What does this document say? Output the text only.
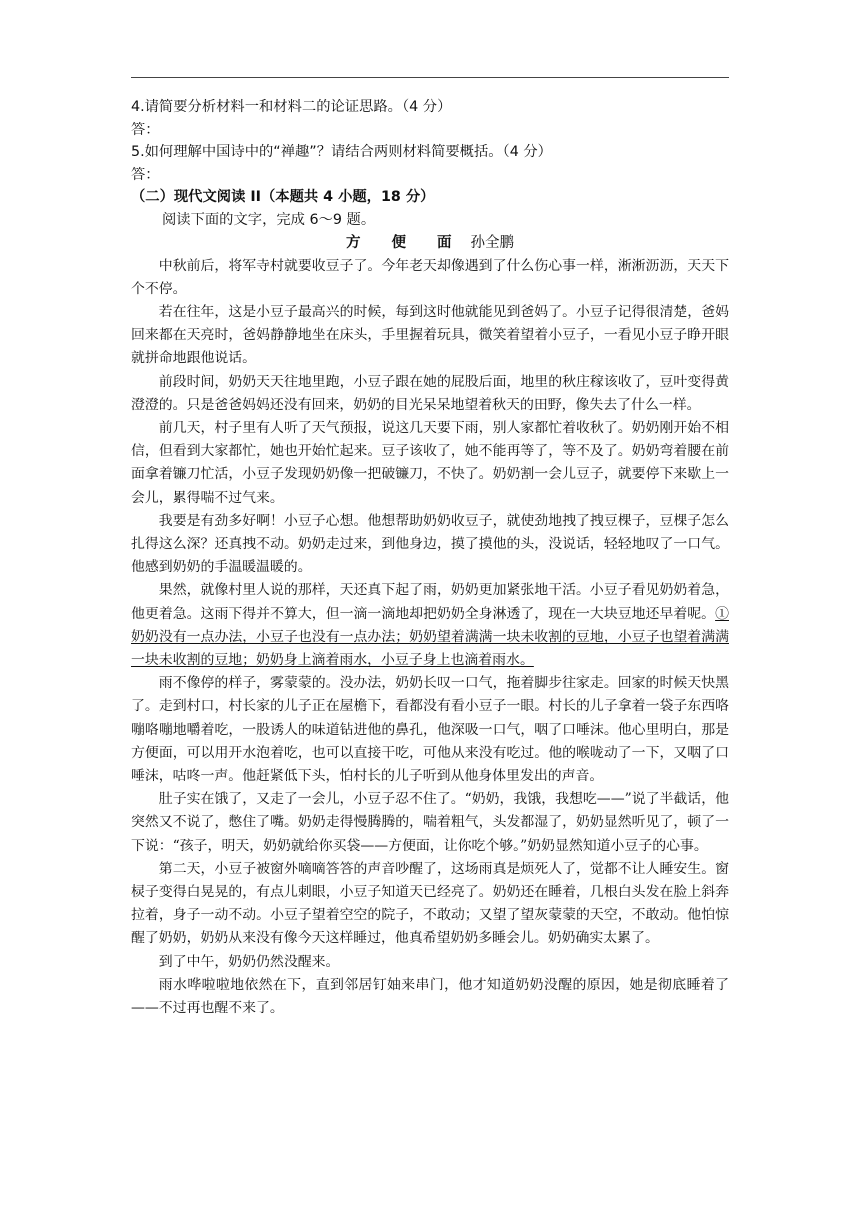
4.请简要分析材料一和材料二的论证思路。（4 分）
答：
5.如何理解中国诗中的“禅趣”？请结合两则材料简要概括。（4 分）
答：
（二）现代文阅读 II（本题共 4 小题，18 分）
阅读下面的文字，完成 6～9 题。
方 便 面 孙全鹏

中秋前后，将军寺村就要收豆子了。今年老天却像遇到了什么伤心事一样，淅淅沥沥，天天下个不停。

若在往年，这是小豆子最高兴的时候，每到这时他就能见到爸妈了。小豆子记得很清楚，爸妈回来都在天亮时，爸妈静静地坐在床头，手里握着玩具，微笑着望着小豆子，一看见小豆子睁开眼就拼命地跟他说话。

前段时间，奶奶天天往地里跑，小豆子跟在她的屁股后面，地里的秋庄稼该收了，豆叶变得黄澄澄的。只是爸爸妈妈还没有回来，奶奶的目光呆呆地望着秋天的田野，像失去了什么一样。

前几天，村子里有人听了天气预报，说这几天要下雨，别人家都忙着收秋了。奶奶刚开始不相信，但看到大家都忙，她也开始忙起来。豆子该收了，她不能再等了，等不及了。奶奶弯着腰在前面拿着镰刀忙活，小豆子发现奶奶像一把破镰刀，不快了。奶奶割一会儿豆子，就要停下来歇上一会儿，累得喘不过气来。

我要是有劲多好啊！小豆子心想。他想帮助奶奶收豆子，就使劲地拽了拽豆棵子，豆棵子怎么扎得这么深？还真拽不动。奶奶走过来，到他身边，摸了摸他的头，没说话，轻轻地叹了一口气。他感到奶奶的手温暖温暖的。

果然，就像村里人说的那样，天还真下起了雨，奶奶更加紧张地干活。小豆子看见奶奶着急，他更着急。这雨下得并不算大，但一滴一滴地却把奶奶全身淋透了，现在一大块豆地还早着呢。①奶奶没有一点办法，小豆子也没有一点办法；奶奶望着满满一块未收割的豆地，小豆子也望着满满一块未收割的豆地；奶奶身上滴着雨水，小豆子身上也滴着雨水。

雨不像停的样子，雾蒙蒙的。没办法，奶奶长叹一口气，拖着脚步往家走。回家的时候天快黑了。走到村口，村长家的儿子正在屋檐下，看都没有看小豆子一眼。村长的儿子拿着一袋子东西咯嘣咯嘣地嚼着吃，一股诱人的味道钻进他的鼻孔，他深吸一口气，咽了口唾沫。他心里明白，那是方便面，可以用开水泡着吃，也可以直接干吃，可他从来没有吃过。他的喉咙动了一下，又咽了口唾沫，咕咚一声。他赶紧低下头，怕村长的儿子听到从他身体里发出的声音。

肚子实在饿了，又走了一会儿，小豆子忍不住了。“奶奶，我饿，我想吃——”说了半截话，他突然又不说了，憋住了嘴。奶奶走得慢腾腾的，喘着粗气，头发都湿了，奶奶显然听见了，顿了一下说：“孩子，明天，奶奶就给你买袋——方便面，让你吃个够。”奶奶显然知道小豆子的心事。

第二天，小豆子被窗外嘀嘀答答的声音吵醒了，这场雨真是烦死人了，觉都不让人睡安生。窗棂子变得白晃晃的，有点儿刺眼，小豆子知道天已经亮了。奶奶还在睡着，几根白头发在脸上斜奔拉着，身子一动不动。小豆子望着空空的院子，不敢动；又望了望灰蒙蒙的天空，不敢动。他怕惊醒了奶奶，奶奶从来没有像今天这样睡过，他真希望奶奶多睡会儿。奶奶确实太累了。

到了中午，奶奶仍然没醒来。

雨水哗啦啦地依然在下，直到邻居钉妯来串门，他才知道奶奶没醒的原因，她是彻底睡着了——不过再也醒不来了。
